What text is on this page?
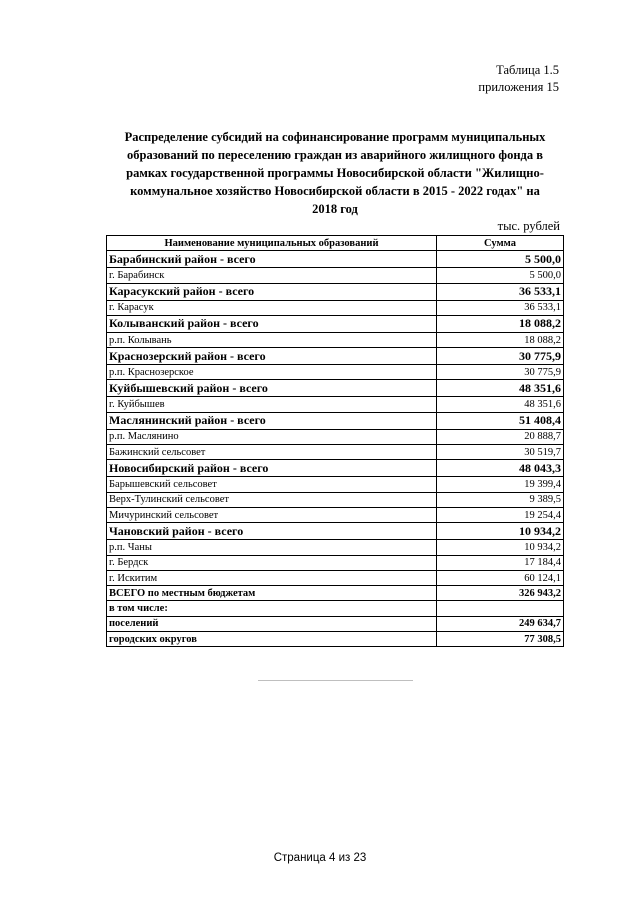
Таблица 1.5
приложения 15
Распределение субсидий на софинансирование программ муниципальных
образований по переселению граждан из аварийного жилищного фонда в
рамках государственной программы Новосибирской области "Жилищно-
коммунальное хозяйство Новосибирской области в 2015 - 2022 годах" на
2018 год
тыс. рублей
Наименование муниципальных образований	Сумма
Барабинский район - всего	5 500,0
г. Барабинск	5 500,0
Карасукский район - всего	36 533,1
г. Карасук	36 533,1
Колыванский район - всего	18 088,2
р.п. Колывань	18 088,2
Краснозерский район - всего	30 775,9
р.п. Краснозерское	30 775,9
Куйбышевский район - всего	48 351,6
г. Куйбышев	48 351,6
Маслянинский район - всего	51 408,4
р.п. Маслянино	20 888,7
Бажинский сельсовет	30 519,7
Новосибирский район - всего	48 043,3
Барышевский сельсовет	19 399,4
Верх-Тулинский сельсовет	9 389,5
Мичуринский сельсовет	19 254,4
Чановский район - всего	10 934,2
р.п. Чаны	10 934,2
г. Бердск	17 184,4
г. Искитим	60 124,1
ВСЕГО по местным бюджетам	326 943,2
в том числе:	
поселений	249 634,7
городских округов	77 308,5
Страница 4 из 23
